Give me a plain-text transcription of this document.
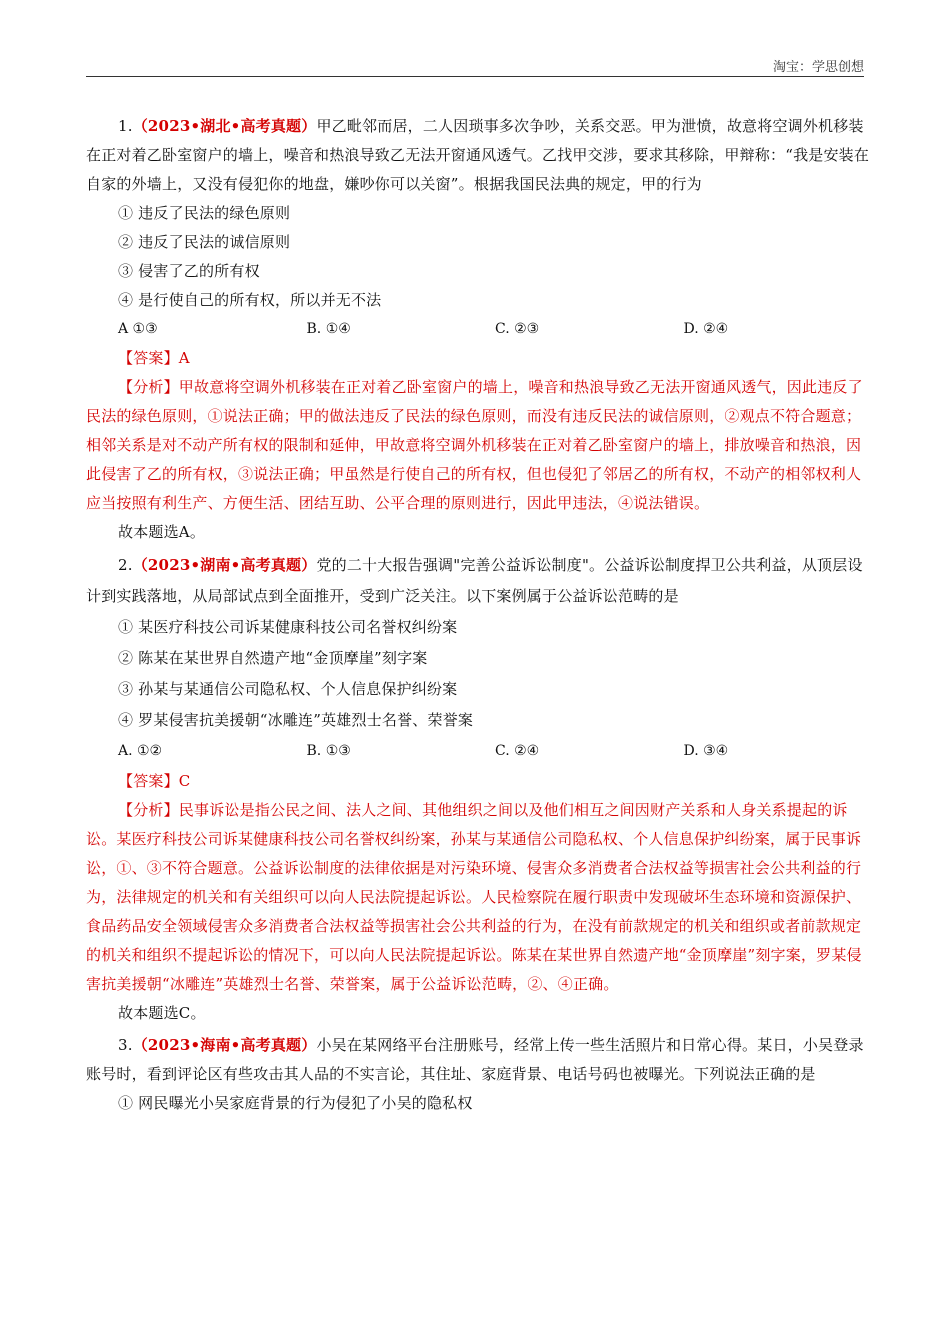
淘宝：学思创想

1.（2023•湖北•高考真题）甲乙毗邻而居，二人因琐事多次争吵，关系交恶。甲为泄愤，故意将空调外机移装在正对着乙卧室窗户的墙上，噪音和热浪导致乙无法开窗通风透气。乙找甲交涉，要求其移除，甲辩称：“我是安装在自家的外墙上，又没有侵犯你的地盘，嫌吵你可以关窗”。根据我国民法典的规定，甲的行为

① 违反了民法的绿色原则
② 违反了民法的诚信原则
③ 侵害了乙的所有权
④ 是行使自己的所有权，所以并无不法
A ①③	B. ①④	C. ②③	D. ②④
【答案】A

【分析】甲故意将空调外机移装在正对着乙卧室窗户的墙上，噪音和热浪导致乙无法开窗通风透气，因此违反了民法的绿色原则，①说法正确；甲的做法违反了民法的绿色原则，而没有违反民法的诚信原则，②观点不符合题意；相邻关系是对不动产所有权的限制和延伸，甲故意将空调外机移装在正对着乙卧室窗户的墙上，排放噪音和热浪，因此侵害了乙的所有权，③说法正确；甲虽然是行使自己的所有权，但也侵犯了邻居乙的所有权，不动产的相邻权利人应当按照有利生产、方便生活、团结互助、公平合理的原则进行，因此甲违法，④说法错误。

故本题选A。

2.（2023•湖南•高考真题）党的二十大报告强调"完善公益诉讼制度"。公益诉讼制度捍卫公共利益，从顶层设计到实践落地，从局部试点到全面推开，受到广泛关注。以下案例属于公益诉讼范畴的是

① 某医疗科技公司诉某健康科技公司名誉权纠纷案
② 陈某在某世界自然遗产地“金顶摩崖”刻字案
③ 孙某与某通信公司隐私权、个人信息保护纠纷案
④ 罗某侵害抗美援朝“冰雕连”英雄烈士名誉、荣誉案
A. ①②	B. ①③	C. ②④	D. ③④
【答案】C

【分析】民事诉讼是指公民之间、法人之间、其他组织之间以及他们相互之间因财产关系和人身关系提起的诉讼。某医疗科技公司诉某健康科技公司名誉权纠纷案，孙某与某通信公司隐私权、个人信息保护纠纷案，属于民事诉讼，①、③不符合题意。公益诉讼制度的法律依据是对污染环境、侵害众多消费者合法权益等损害社会公共利益的行为，法律规定的机关和有关组织可以向人民法院提起诉讼。人民检察院在履行职责中发现破坏生态环境和资源保护、食品药品安全领域侵害众多消费者合法权益等损害社会公共利益的行为，在没有前款规定的机关和组织或者前款规定的机关和组织不提起诉讼的情况下，可以向人民法院提起诉讼。陈某在某世界自然遗产地“金顶摩崖”刻字案，罗某侵害抗美援朝“冰雕连”英雄烈士名誉、荣誉案，属于公益诉讼范畴，②、④正确。

故本题选C。

3.（2023•海南•高考真题）小吴在某网络平台注册账号，经常上传一些生活照片和日常心得。某日，小吴登录账号时，看到评论区有些攻击其人品的不实言论，其住址、家庭背景、电话号码也被曝光。下列说法正确的是

① 网民曝光小吴家庭背景的行为侵犯了小吴的隐私权
